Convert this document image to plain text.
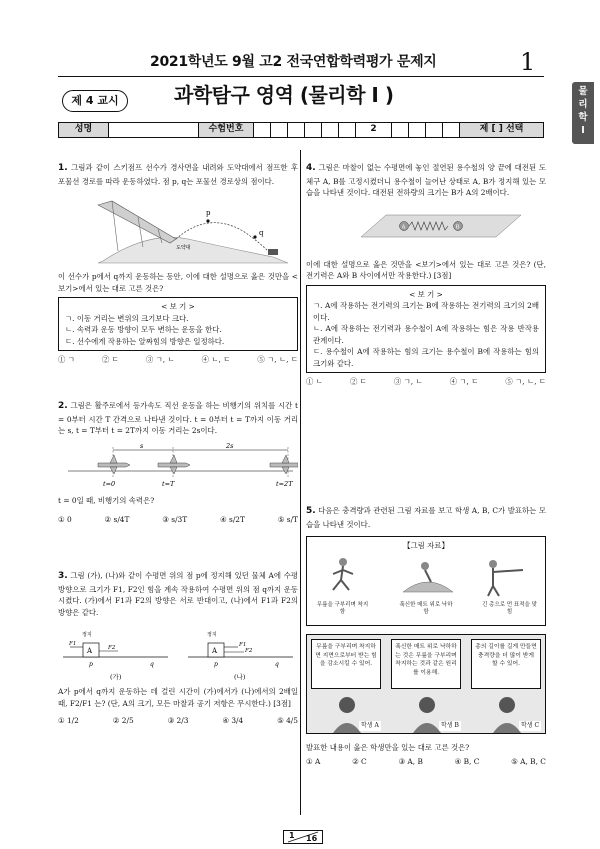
2021학년도 9월 고2 전국연합학력평가 문제지	1
제 4 교시	과학탐구 영역 (물리학 I )	물리학 I
성명	수험번호	2	제 [ ] 선택
1. 그림과 같이 스키점프 선수가 경사면을 내려와 도약대에서 점프한 후 포물선 경로를 따라 운동하였다. 점 p, q는 포물선 경로상의 점이다.
p
q
도약대
이 선수가 p에서 q까지 운동하는 동안, 이에 대한 설명으로 옳은 것만을 <보기>에서 있는 대로 고른 것은?
< 보 기 >
ㄱ. 이동 거리는 변위의 크기보다 크다.
ㄴ. 속력과 운동 방향이 모두 변하는 운동을 한다.
ㄷ. 선수에게 작용하는 알짜힘의 방향은 일정하다.
① ㄱ	② ㄷ	③ ㄱ, ㄴ	④ ㄴ, ㄷ	⑤ ㄱ, ㄴ, ㄷ
2. 그림은 활주로에서 등가속도 직선 운동을 하는 비행기의 위치를 시간 t = 0부터 시간 T 간격으로 나타낸 것이다. t = 0부터 t = T까지 이동 거리는 s, t = T부터 t = 2T까지 이동 거리는 2s이다.
s	2s
t=0	t=T	t=2T
t = 0일 때, 비행기의 속력은?
① 0	② s/4T	③ s/3T	④ s/2T	⑤ s/T
3. 그림 (가), (나)와 같이 수평면 위의 점 p에 정지해 있던 물체 A에 수평 방향으로 크기가 F1, F2인 힘을 계속 작용하여 수평면 위의 점 q까지 운동시켰다. (가)에서 F1과 F2의 방향은 서로 반대이고, (나)에서 F1과 F2의 방향은 같다.
A	A
정지	정지
F1
F2	F1
F2
p	q	p	q
(가)	(나)
A가 p에서 q까지 운동하는 데 걸린 시간이 (가)에서가 (나)에서의 2배일 때, F2/F1 는? (단, A의 크기, 모든 마찰과 공기 저항은 무시한다.) [3점]
① 1/2	② 2/5	③ 2/3	④ 3/4	⑤ 4/5
4. 그림은 마찰이 없는 수평면에 놓인 절연된 용수철의 양 끝에 대전된 도체구 A, B를 고정시켰더니 용수철이 늘어난 상태로 A, B가 정지해 있는 모습을 나타낸 것이다. 대전된 전하량의 크기는 B가 A의 2배이다.
A	B
이에 대한 설명으로 옳은 것만을 <보기>에서 있는 대로 고른 것은? (단, 전기력은 A와 B 사이에서만 작용한다.) [3점]
< 보 기 >
ㄱ. A에 작용하는 전기력의 크기는 B에 작용하는 전기력의 크기의 2배이다.
ㄴ. A에 작용하는 전기력과 용수철이 A에 작용하는 힘은 작용 반작용 관계이다.
ㄷ. 용수철이 A에 작용하는 힘의 크기는 용수철이 B에 작용하는 힘의 크기와 같다.
① ㄴ	② ㄷ	③ ㄱ, ㄴ	④ ㄱ, ㄷ	⑤ ㄱ, ㄴ, ㄷ
5. 다음은 충격량과 관련된 그림 자료를 보고 학생 A, B, C가 발표하는 모습을 나타낸 것이다.
【그림 자료】
무릎을 구부리며 착지함
푹신한 매트 위로 낙하함
긴 총으로 먼 표적을 맞힘
무릎을 구부리며 착지하면 지면으로부터 받는 힘을 감소시킬 수 있어.
푹신한 매트 위로 낙하하는 것은 무릎을 구부리며 착지하는 것과 같은 원리를 이용해.
총의 길이를 길게 만들면 충격량을 더 많이 받게 할 수 있어.
학생 A	학생 B	학생 C
발표한 내용이 옳은 학생만을 있는 대로 고른 것은?
① A	② C	③ A, B	④ B, C	⑤ A, B, C
1 16
